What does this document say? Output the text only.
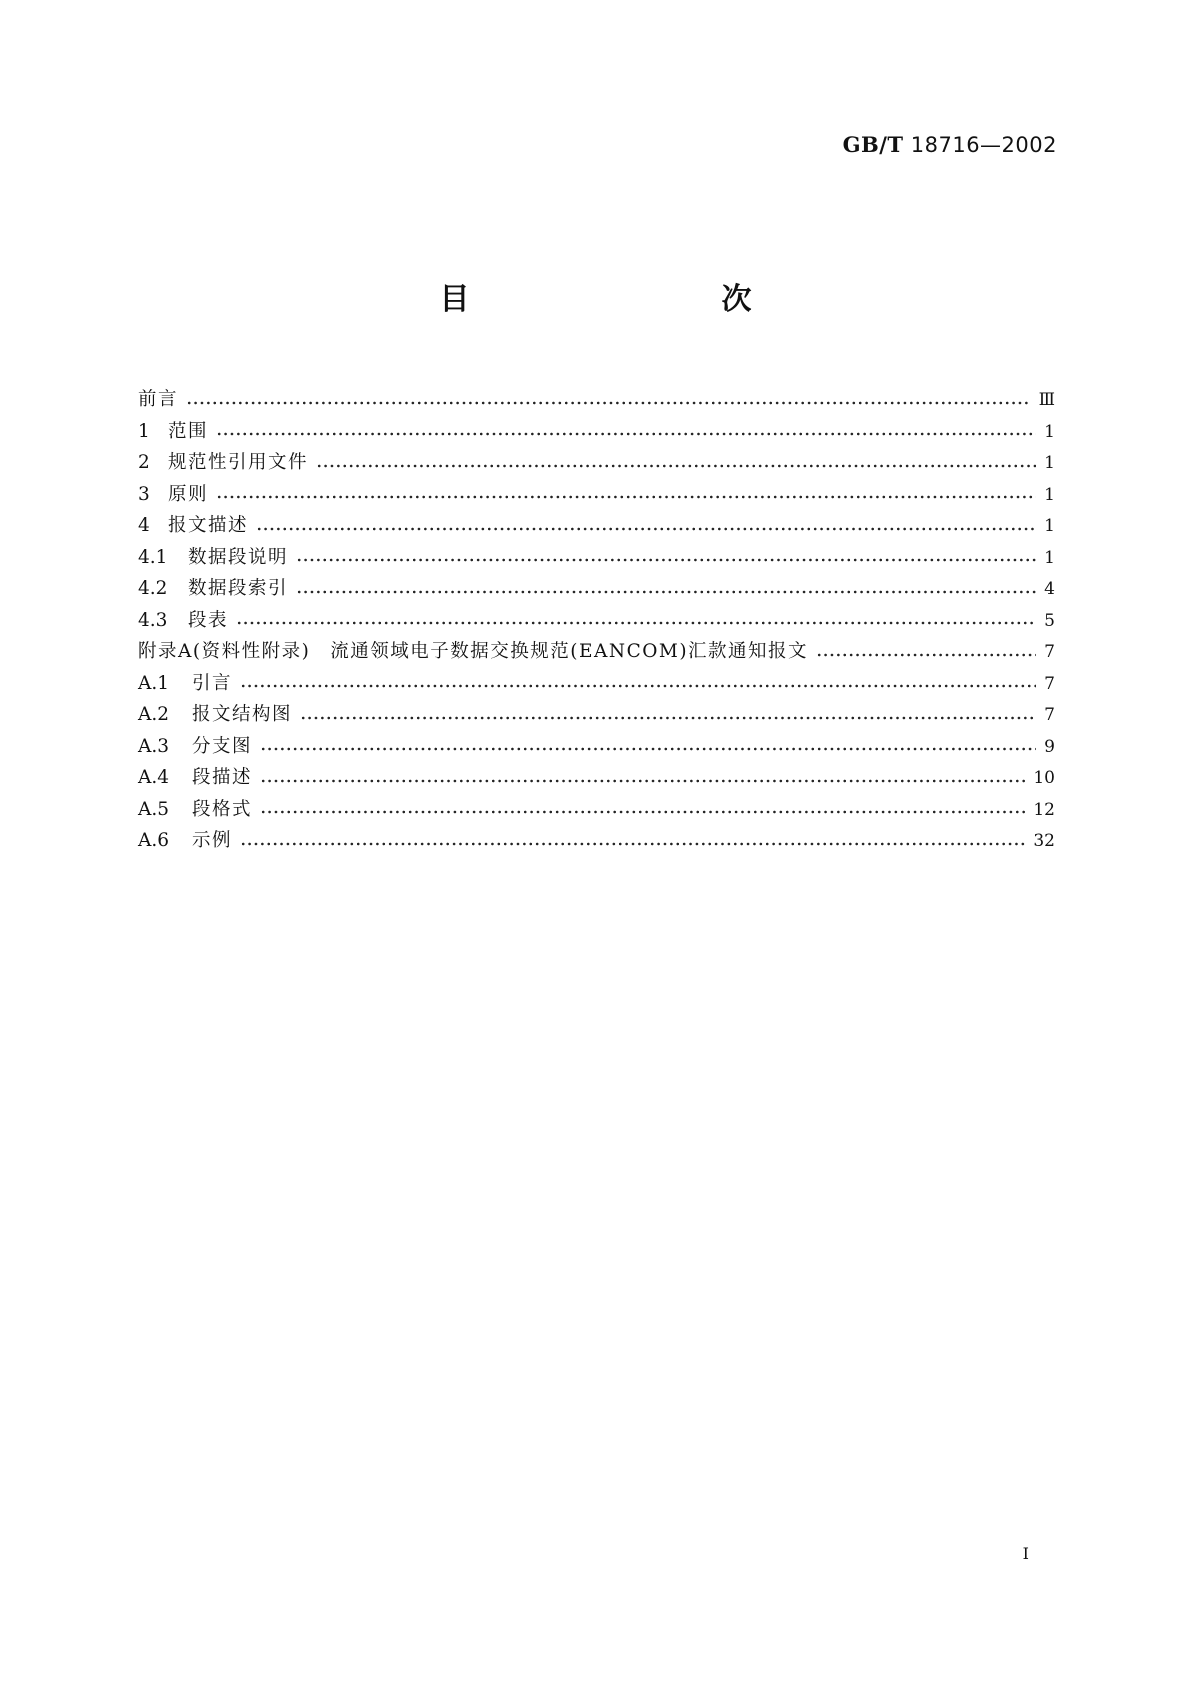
GB/T 18716—2002
目　　次
前言	Ⅲ
1 范围	1
2 规范性引用文件	1
3 原则	1
4 报文描述	1
4.1	数据段说明	1
4.2	数据段索引	4
4.3	段表	5
附录A(资料性附录)　流通领域电子数据交换规范(EANCOM)汇款通知报文	7
A.1	引言	7
A.2	报文结构图	7
A.3	分支图	9
A.4	段描述	10
A.5	段格式	12
A.6	示例	32
Ⅰ
